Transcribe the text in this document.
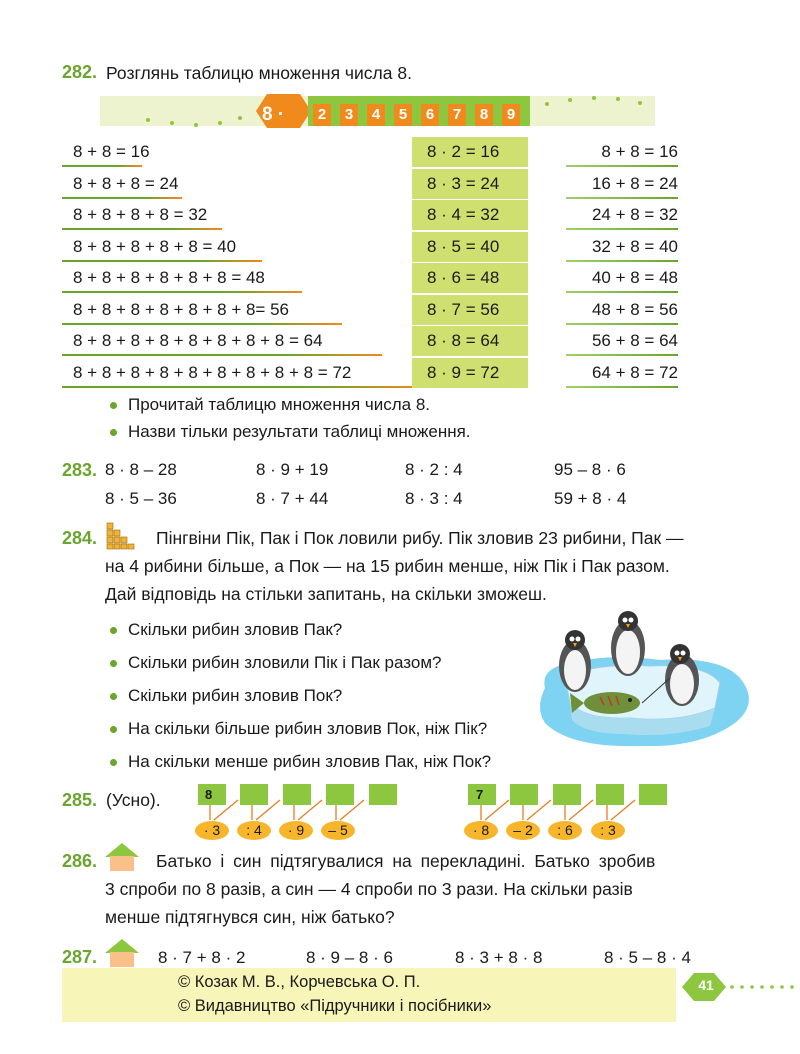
282. Розглянь таблицю множення числа 8.
8 ·	2	3	4	5	6	7	8	9
8 + 8 = 16	8 · 2 = 16	8 + 8 = 16
8 + 8 + 8 = 24	8 · 3 = 24	16 + 8 = 24
8 + 8 + 8 + 8 = 32	8 · 4 = 32	24 + 8 = 32
8 + 8 + 8 + 8 + 8 = 40	8 · 5 = 40	32 + 8 = 40
8 + 8 + 8 + 8 + 8 + 8 = 48	8 · 6 = 48	40 + 8 = 48
8 + 8 + 8 + 8 + 8 + 8 + 8= 56	8 · 7 = 56	48 + 8 = 56
8 + 8 + 8 + 8 + 8 + 8 + 8 + 8 = 64	8 · 8 = 64	56 + 8 = 64
8 + 8 + 8 + 8 + 8 + 8 + 8 + 8 + 8 = 72	8 · 9 = 72	64 + 8 = 72
Прочитай таблицю множення числа 8.
Назви тільки результати таблиці множення.
283. 8 · 8 – 28	8 · 9 + 19	8 · 2 : 4	95 – 8 · 6
8 · 5 – 36	8 · 7 + 44	8 · 3 : 4	59 + 8 · 4
284.	Пінгвіни Пік, Пак і Пок ловили рибу. Пік зловив 23 рибини, Пак —
на 4 рибини більше, а Пок — на 15 рибин менше, ніж Пік і Пак разом.
Дай відповідь на стільки запитань, на скільки зможеш.
Скільки рибин зловив Пак?
Скільки рибин зловили Пік і Пак разом?
Скільки рибин зловив Пок?
На скільки більше рибин зловив Пок, ніж Пік?
На скільки менше рибин зловив Пак, ніж Пок?
285. (Усно).	8
· 3	: 4	· 9	– 5
7
· 8	– 2	: 6	: 3
286.	Батько і син підтягувалися на перекладині. Батько зробив
3 спроби по 8 разів, а син — 4 спроби по 3 рази. На скільки разів
менше підтягнувся син, ніж батько?
287.	8 · 7 + 8 · 2	8 · 9 – 8 · 6	8 · 3 + 8 · 8	8 · 5 – 8 · 4
© Козак М. В., Корчевська О. П.
© Видавництво «Підручники і посібники»
41
